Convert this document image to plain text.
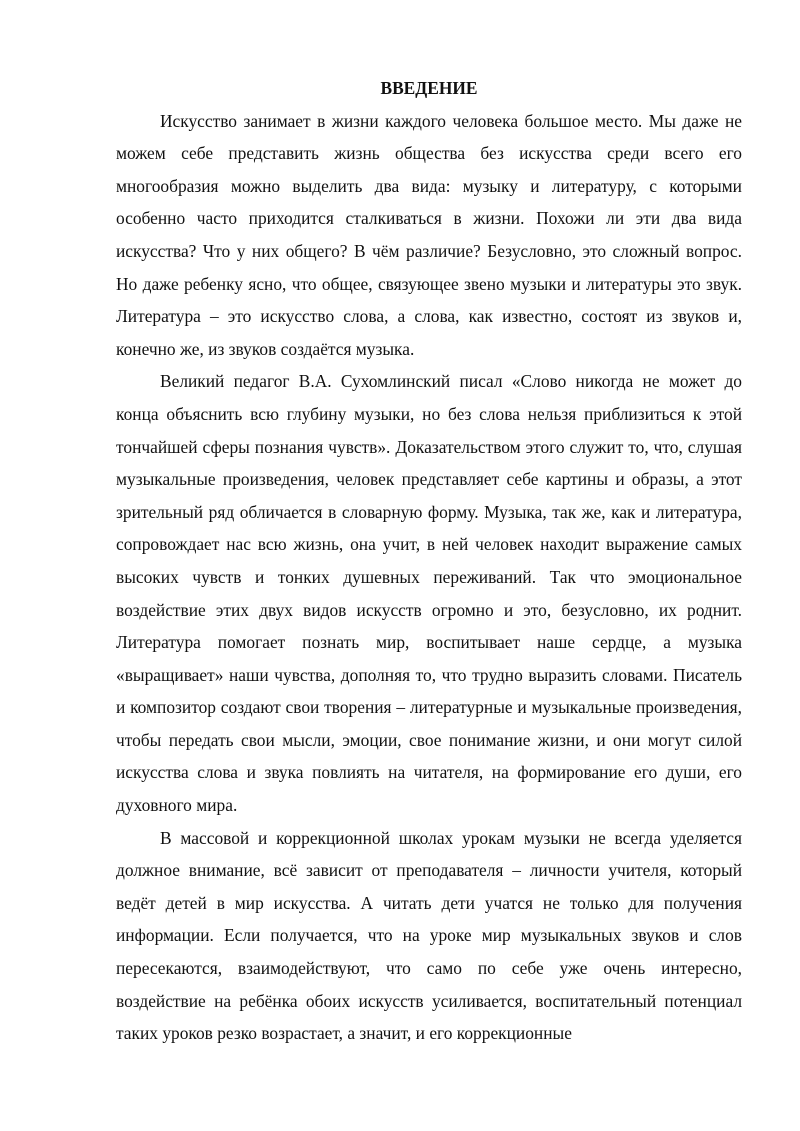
ВВЕДЕНИЕ

Искусство занимает в жизни каждого человека большое место. Мы даже не можем себе представить жизнь общества без искусства среди всего его многообразия можно выделить два вида: музыку и литературу, с которыми особенно часто приходится сталкиваться в жизни. Похожи ли эти два вида искусства? Что у них общего? В чём различие? Безусловно, это сложный вопрос. Но даже ребенку ясно, что общее, связующее звено музыки и литературы это звук. Литература – это искусство слова, а слова, как известно, состоят из звуков и, конечно же, из звуков создаётся музыка.

Великий педагог В.А. Сухомлинский писал «Слово никогда не может до конца объяснить всю глубину музыки, но без слова нельзя приблизиться к этой тончайшей сферы познания чувств». Доказательством этого служит то, что, слушая музыкальные произведения, человек представляет себе картины и образы, а этот зрительный ряд обличается в словарную форму. Музыка, так же, как и литература, сопровождает нас всю жизнь, она учит, в ней человек находит выражение самых высоких чувств и тонких душевных переживаний. Так что эмоциональное воздействие этих двух видов искусств огромно и это, безусловно, их роднит. Литература помогает познать мир, воспитывает наше сердце, а музыка «выращивает» наши чувства, дополняя то, что трудно выразить словами. Писатель и композитор создают свои творения – литературные и музыкальные произведения, чтобы передать свои мысли, эмоции, свое понимание жизни, и они могут силой искусства слова и звука повлиять на читателя, на формирование его души, его духовного мира.

В массовой и коррекционной школах урокам музыки не всегда уделяется должное внимание, всё зависит от преподавателя – личности учителя, который ведёт детей в мир искусства. А читать дети учатся не только для получения информации. Если получается, что на уроке мир музыкальных звуков и слов пересекаются, взаимодействуют, что само по себе уже очень интересно, воздействие на ребёнка обоих искусств усиливается, воспитательный потенциал таких уроков резко возрастает, а значит, и его коррекционные
